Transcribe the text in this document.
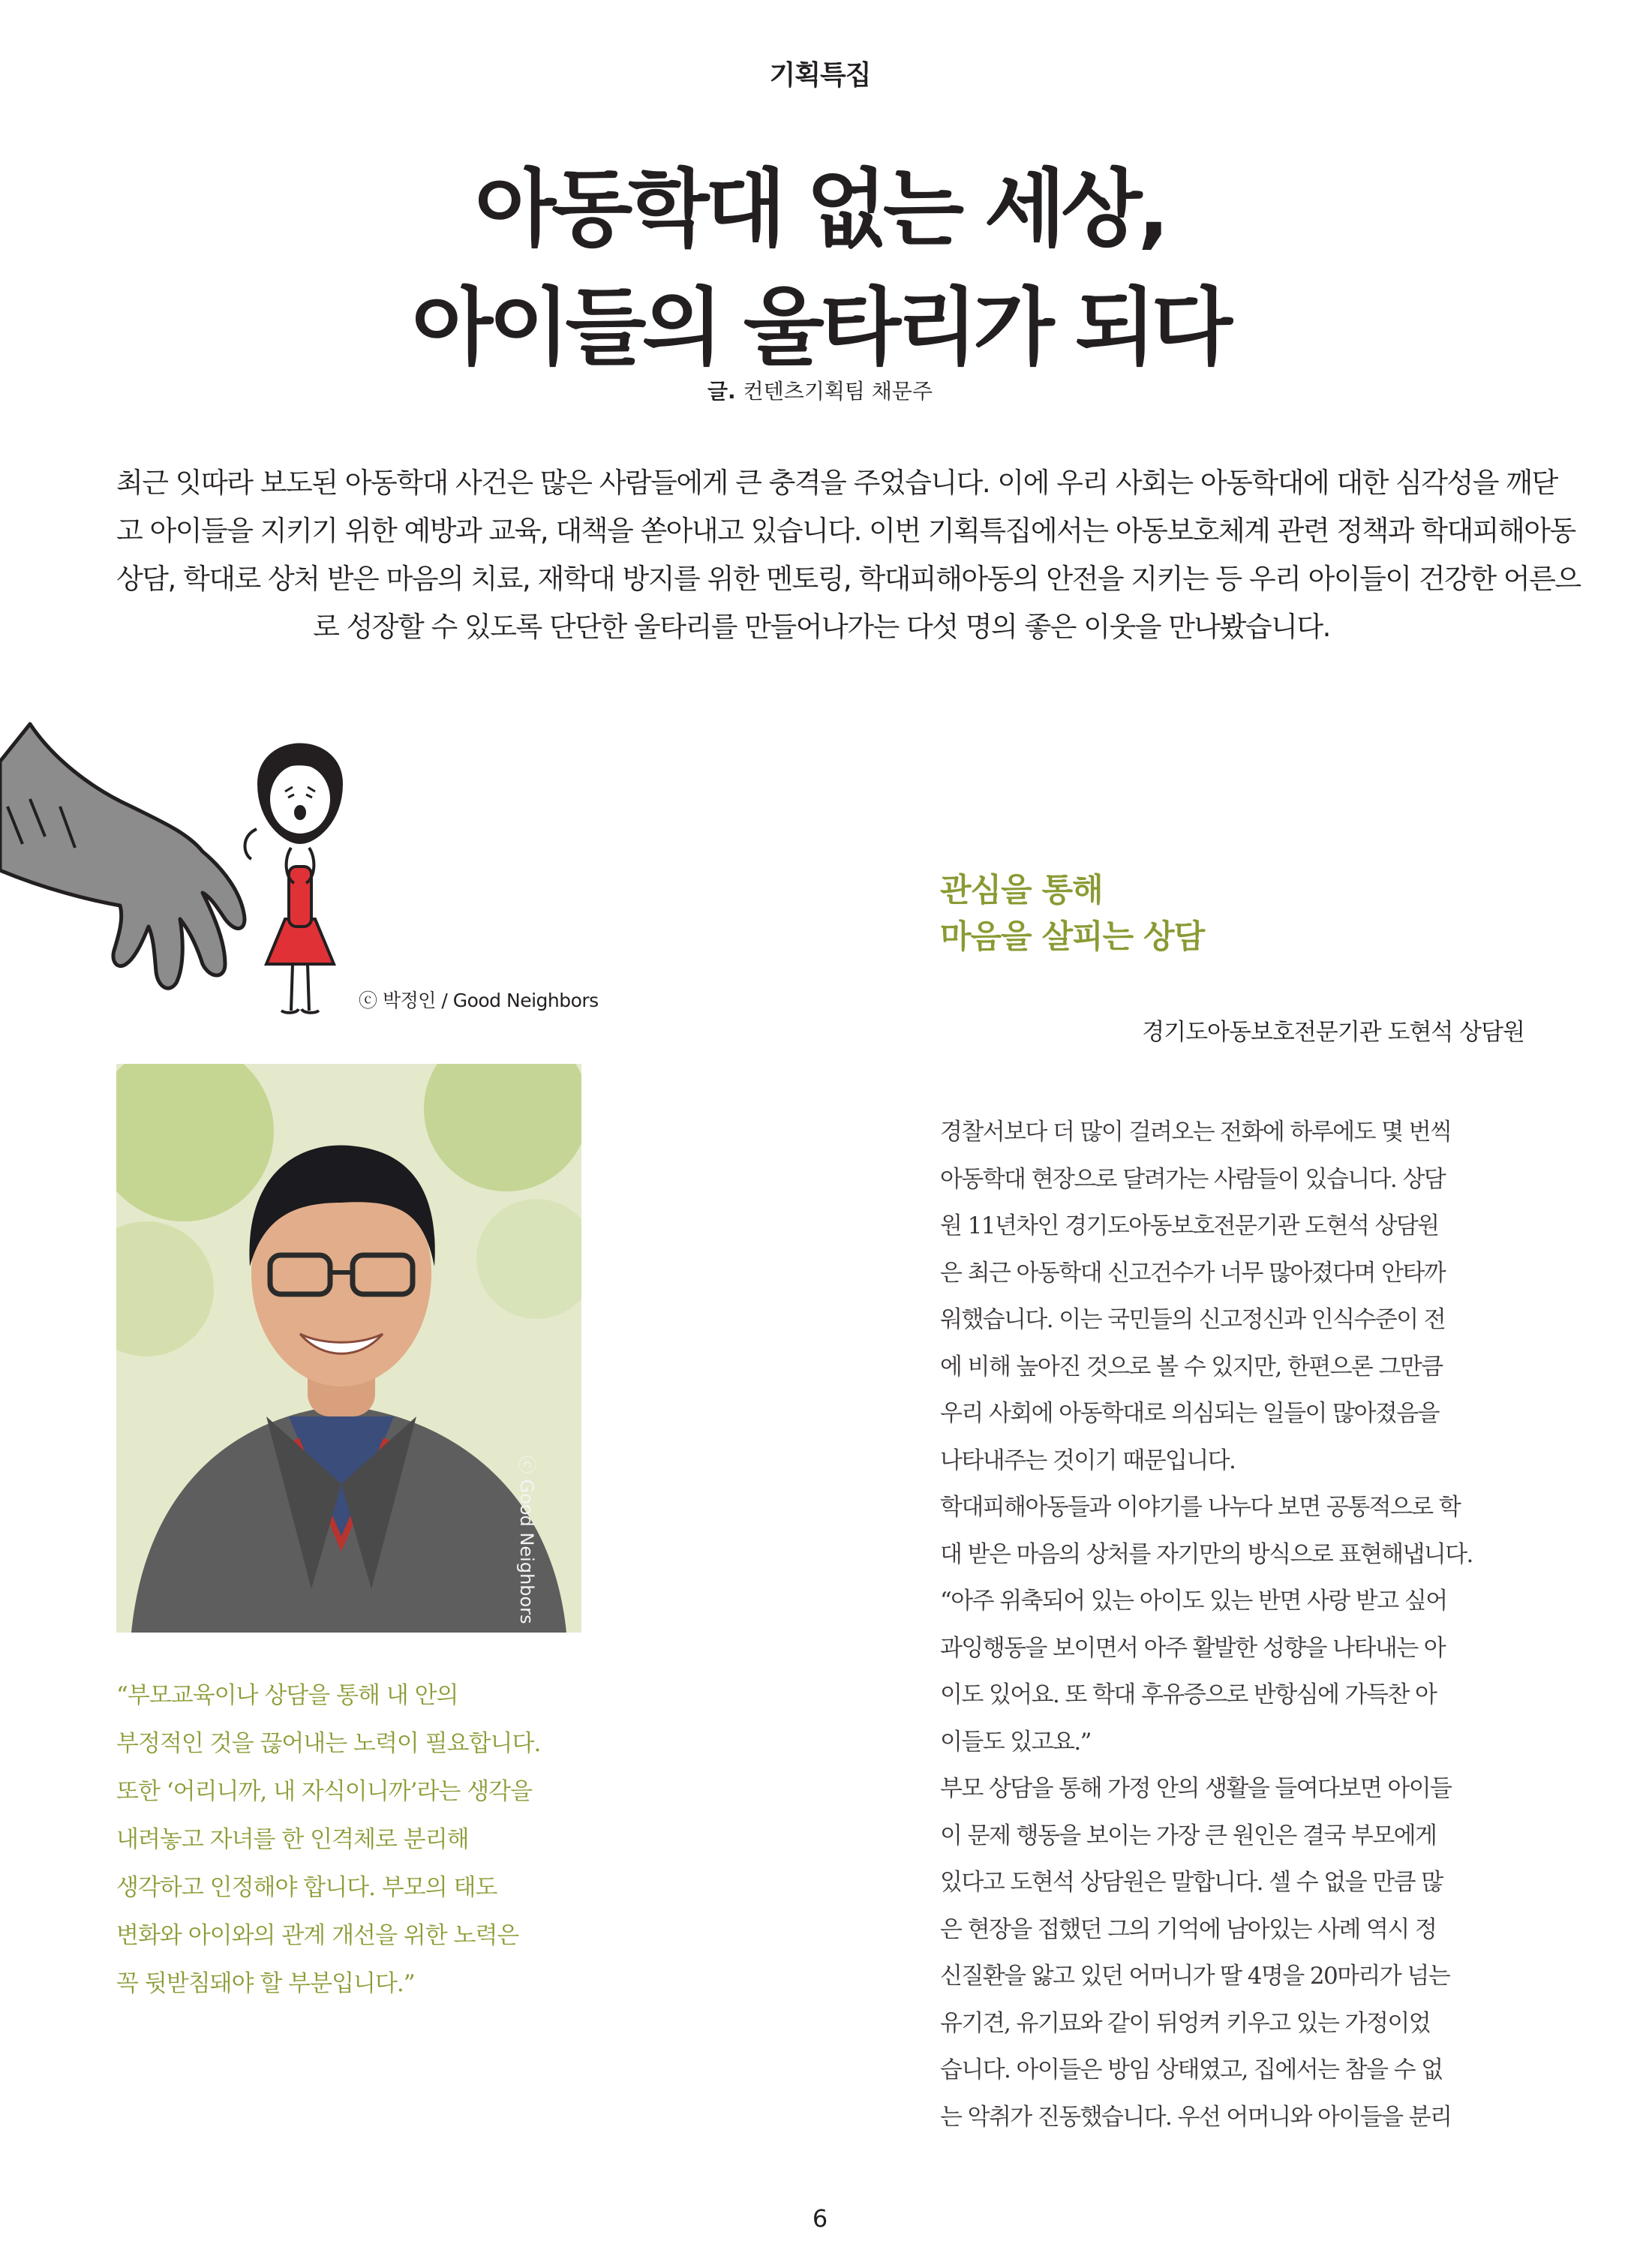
기획특집
아동학대 없는 세상,
아이들의 울타리가 되다
글. 컨텐츠기획팀 채문주
최근 잇따라 보도된 아동학대 사건은 많은 사람들에게 큰 충격을 주었습니다. 이에 우리 사회는 아동학대에 대한 심각성을 깨닫
고 아이들을 지키기 위한 예방과 교육, 대책을 쏟아내고 있습니다. 이번 기획특집에서는 아동보호체계 관련 정책과 학대피해아동
상담, 학대로 상처 받은 마음의 치료, 재학대 방지를 위한 멘토링, 학대피해아동의 안전을 지키는 등 우리 아이들이 건강한 어른으
로 성장할 수 있도록 단단한 울타리를 만들어나가는 다섯 명의 좋은 이웃을 만나봤습니다.
ⓒ 박정인 / Good Neighbors
ⓒ Good Neighbors
“부모교육이나 상담을 통해 내 안의
부정적인 것을 끊어내는 노력이 필요합니다.
또한 ‘어리니까, 내 자식이니까’라는 생각을
내려놓고 자녀를 한 인격체로 분리해
생각하고 인정해야 합니다. 부모의 태도
변화와 아이와의 관계 개선을 위한 노력은
꼭 뒷받침돼야 할 부분입니다.”
관심을 통해
마음을 살피는 상담
경기도아동보호전문기관 도현석 상담원
경찰서보다 더 많이 걸려오는 전화에 하루에도 몇 번씩
아동학대 현장으로 달려가는 사람들이 있습니다. 상담
원 11년차인 경기도아동보호전문기관 도현석 상담원
은 최근 아동학대 신고건수가 너무 많아졌다며 안타까
워했습니다. 이는 국민들의 신고정신과 인식수준이 전
에 비해 높아진 것으로 볼 수 있지만, 한편으론 그만큼
우리 사회에 아동학대로 의심되는 일들이 많아졌음을
나타내주는 것이기 때문입니다.
학대피해아동들과 이야기를 나누다 보면 공통적으로 학
대 받은 마음의 상처를 자기만의 방식으로 표현해냅니다.
“아주 위축되어 있는 아이도 있는 반면 사랑 받고 싶어
과잉행동을 보이면서 아주 활발한 성향을 나타내는 아
이도 있어요. 또 학대 후유증으로 반항심에 가득찬 아
이들도 있고요.”
부모 상담을 통해 가정 안의 생활을 들여다보면 아이들
이 문제 행동을 보이는 가장 큰 원인은 결국 부모에게
있다고 도현석 상담원은 말합니다. 셀 수 없을 만큼 많
은 현장을 접했던 그의 기억에 남아있는 사례 역시 정
신질환을 앓고 있던 어머니가 딸 4명을 20마리가 넘는
유기견, 유기묘와 같이 뒤엉켜 키우고 있는 가정이었
습니다. 아이들은 방임 상태였고, 집에서는 참을 수 없
는 악취가 진동했습니다. 우선 어머니와 아이들을 분리
6
